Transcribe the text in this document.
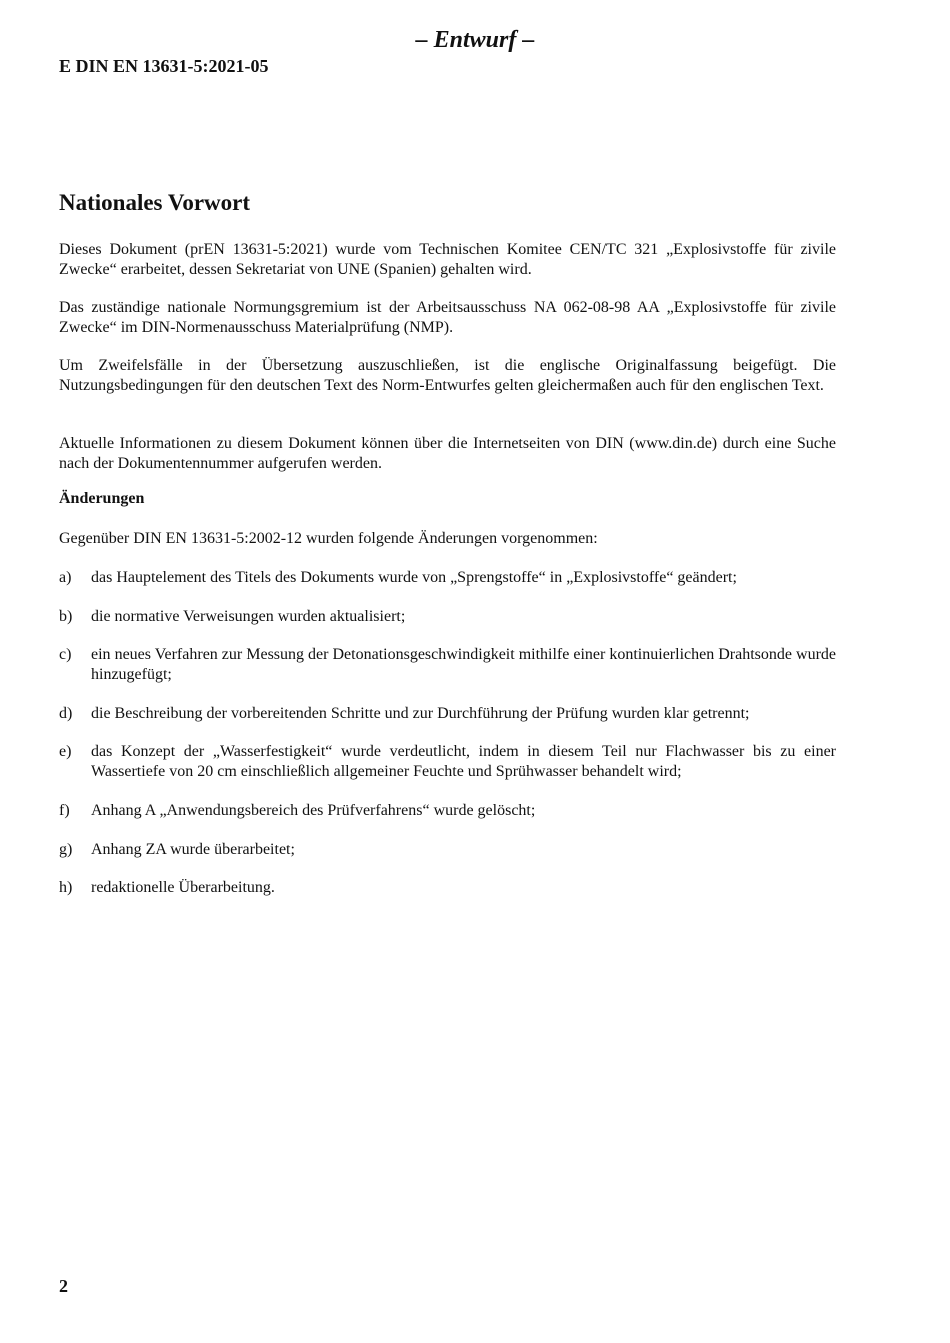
– Entwurf –
E DIN EN 13631-5:2021-05
Nationales Vorwort
Dieses Dokument (prEN 13631-5:2021) wurde vom Technischen Komitee CEN/TC 321 „Explosivstoffe für zivile Zwecke“ erarbeitet, dessen Sekretariat von UNE (Spanien) gehalten wird.
Das zuständige nationale Normungsgremium ist der Arbeitsausschuss NA 062-08-98 AA „Explosivstoffe für zivile Zwecke“ im DIN-Normenausschuss Materialprüfung (NMP).
Um Zweifelsfälle in der Übersetzung auszuschließen, ist die englische Originalfassung beigefügt. Die Nutzungsbedingungen für den deutschen Text des Norm-Entwurfes gelten gleichermaßen auch für den englischen Text.
Aktuelle Informationen zu diesem Dokument können über die Internetseiten von DIN (www.din.de) durch eine Suche nach der Dokumentennummer aufgerufen werden.
Änderungen
Gegenüber DIN EN 13631-5:2002-12 wurden folgende Änderungen vorgenommen:
a)	das Hauptelement des Titels des Dokuments wurde von „Sprengstoffe“ in „Explosivstoffe“ geändert;
b)	die normative Verweisungen wurden aktualisiert;
c)	ein neues Verfahren zur Messung der Detonationsgeschwindigkeit mithilfe einer kontinuierlichen Drahtsonde wurde hinzugefügt;
d)	die Beschreibung der vorbereitenden Schritte und zur Durchführung der Prüfung wurden klar getrennt;
e)	das Konzept der „Wasserfestigkeit“ wurde verdeutlicht, indem in diesem Teil nur Flachwasser bis zu einer Wassertiefe von 20 cm einschließlich allgemeiner Feuchte und Sprühwasser behandelt wird;
f)	Anhang A „Anwendungsbereich des Prüfverfahrens“ wurde gelöscht;
g)	Anhang ZA wurde überarbeitet;
h)	redaktionelle Überarbeitung.
2
